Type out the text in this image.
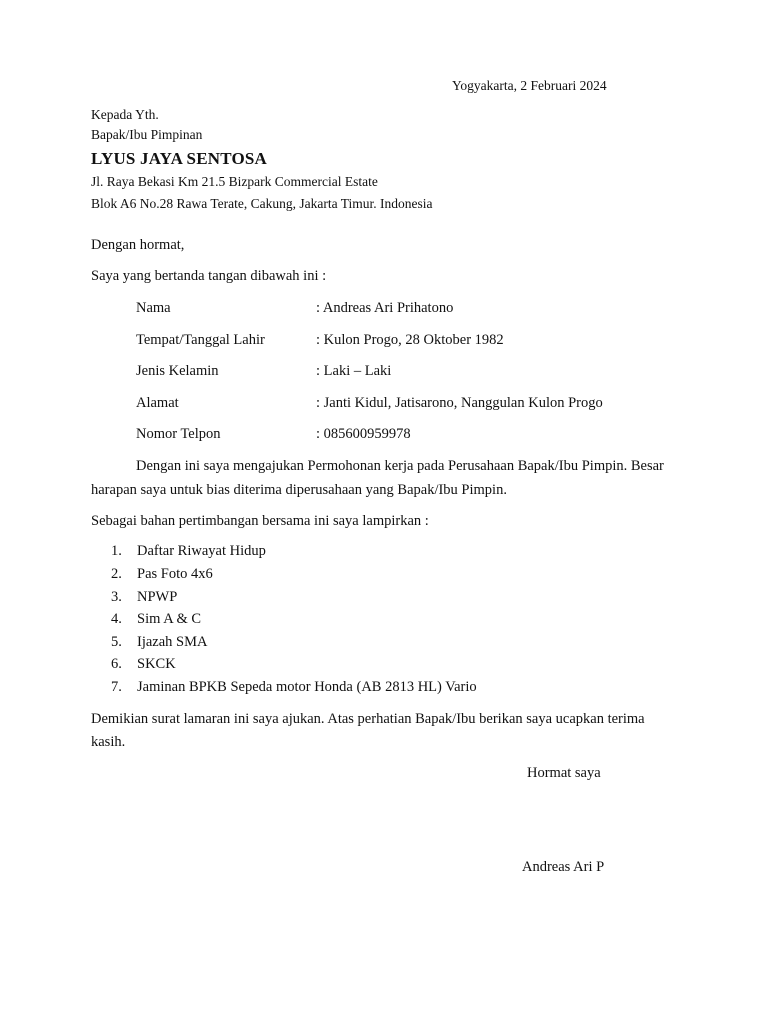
Yogyakarta, 2 Februari 2024
Kepada Yth.
Bapak/Ibu Pimpinan
LYUS JAYA SENTOSA
Jl. Raya Bekasi Km 21.5 Bizpark Commercial Estate
Blok A6 No.28 Rawa Terate, Cakung, Jakarta Timur. Indonesia
Dengan hormat,
Saya yang bertanda tangan dibawah ini :
Nama	: Andreas Ari Prihatono
Tempat/Tanggal Lahir	: Kulon Progo, 28 Oktober 1982
Jenis Kelamin	: Laki – Laki
Alamat	: Janti Kidul, Jatisarono, Nanggulan Kulon Progo
Nomor Telpon	: 085600959978
Dengan ini saya mengajukan Permohonan kerja pada Perusahaan Bapak/Ibu Pimpin. Besar
harapan saya untuk bias diterima diperusahaan yang Bapak/Ibu Pimpin.
Sebagai bahan pertimbangan bersama ini saya lampirkan :
1. Daftar Riwayat Hidup
2. Pas Foto 4x6
3. NPWP
4. Sim A & C
5. Ijazah SMA
6. SKCK
7. Jaminan BPKB Sepeda motor Honda (AB 2813 HL) Vario
Demikian surat lamaran ini saya ajukan. Atas perhatian Bapak/Ibu berikan saya ucapkan terima
kasih.
Hormat saya
Andreas Ari P
